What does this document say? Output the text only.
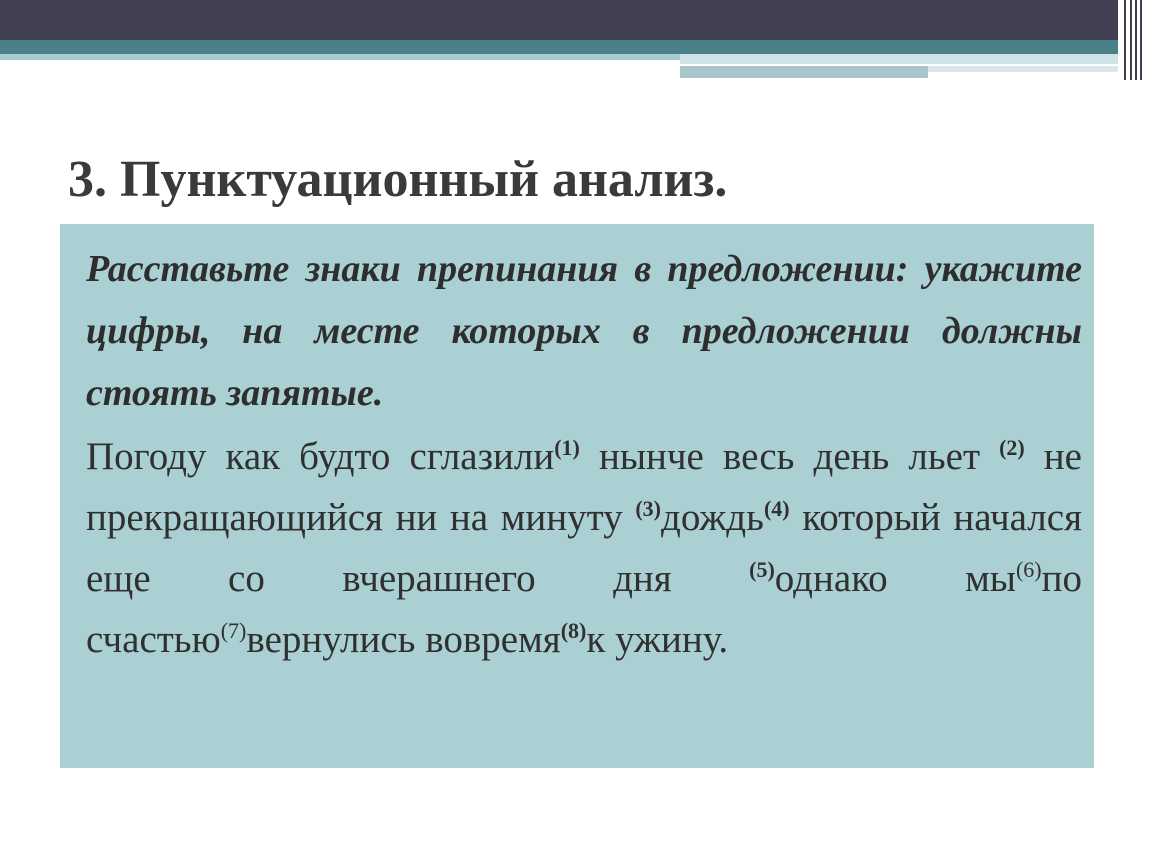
3. Пунктуационный анализ.

Расставьте знаки препинания в предложении: укажите цифры, на месте которых в предложении должны стоять запятые.

Погоду как будто сглазили$^{(1)}$ нынче весь день льет $^{(2)}$ не прекращающийся ни на минуту $^{(3)}$дождь$^{(4)}$ который начался еще со вчерашнего дня $^{(5)}$однако $мы^{(6)}по$ счастью$^{(7)}$вернулись вовремя$^{(8)}$к ужину.
